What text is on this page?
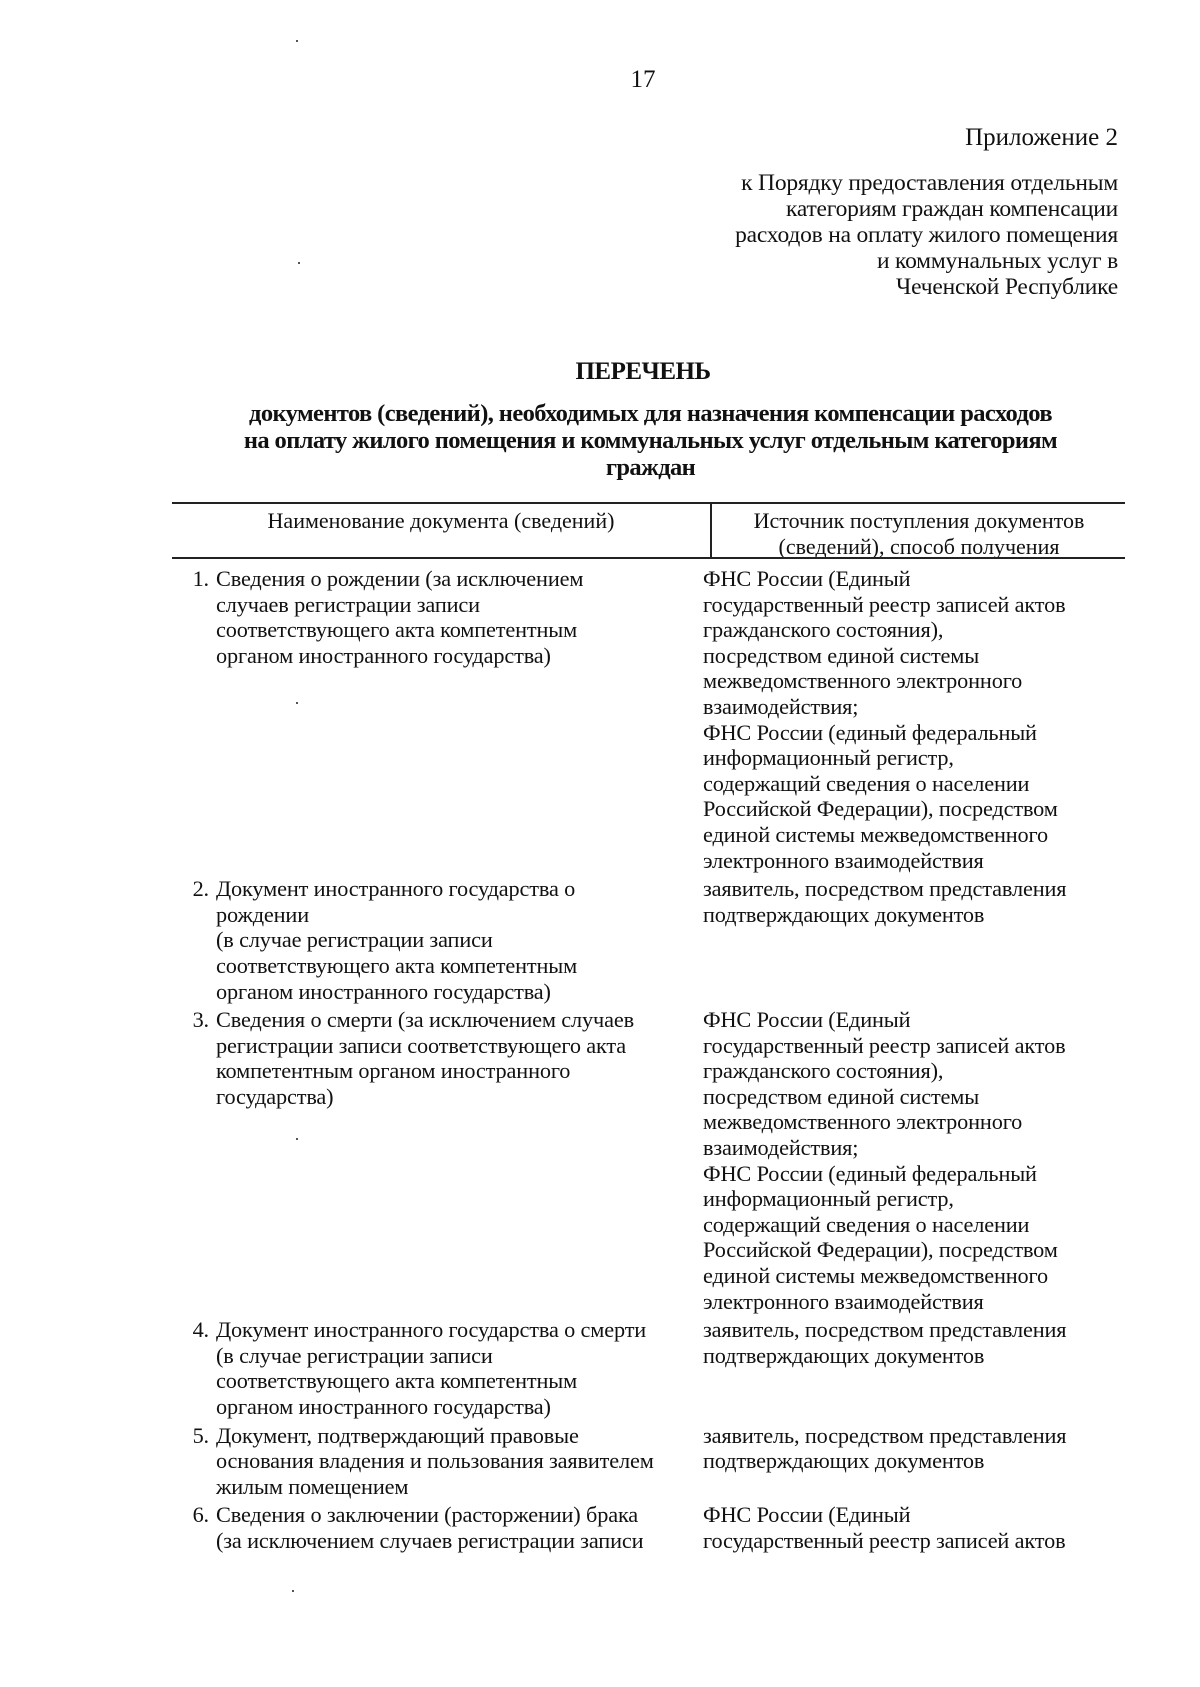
17
Приложение 2
к Порядку предоставления отдельным
категориям граждан компенсации
расходов на оплату жилого помещения
и коммунальных услуг в
Чеченской Республике
ПЕРЕЧЕНЬ
документов (сведений), необходимых для назначения компенсации расходов
на оплату жилого помещения и коммунальных услуг отдельным категориям
граждан
Наименование документа (сведений)	Источник поступления документов
(сведений), способ получения
1. Сведения о рождении (за исключением
случаев регистрации записи
соответствующего акта компетентным
органом иностранного государства)
ФНС России (Единый
государственный реестр записей актов
гражданского состояния),
посредством единой системы
межведомственного электронного
взаимодействия;
ФНС России (единый федеральный
информационный регистр,
содержащий сведения о населении
Российской Федерации), посредством
единой системы межведомственного
электронного взаимодействия
2. Документ иностранного государства о
рождении
(в случае регистрации записи
соответствующего акта компетентным
органом иностранного государства)
заявитель, посредством представления
подтверждающих документов
3. Сведения о смерти (за исключением случаев
регистрации записи соответствующего акта
компетентным органом иностранного
государства)
ФНС России (Единый
государственный реестр записей актов
гражданского состояния),
посредством единой системы
межведомственного электронного
взаимодействия;
ФНС России (единый федеральный
информационный регистр,
содержащий сведения о населении
Российской Федерации), посредством
единой системы межведомственного
электронного взаимодействия
4. Документ иностранного государства о смерти
(в случае регистрации записи
соответствующего акта компетентным
органом иностранного государства)
заявитель, посредством представления
подтверждающих документов
5. Документ, подтверждающий правовые
основания владения и пользования заявителем
жилым помещением
заявитель, посредством представления
подтверждающих документов
6. Сведения о заключении (расторжении) брака
(за исключением случаев регистрации записи
ФНС России (Единый
государственный реестр записей актов
